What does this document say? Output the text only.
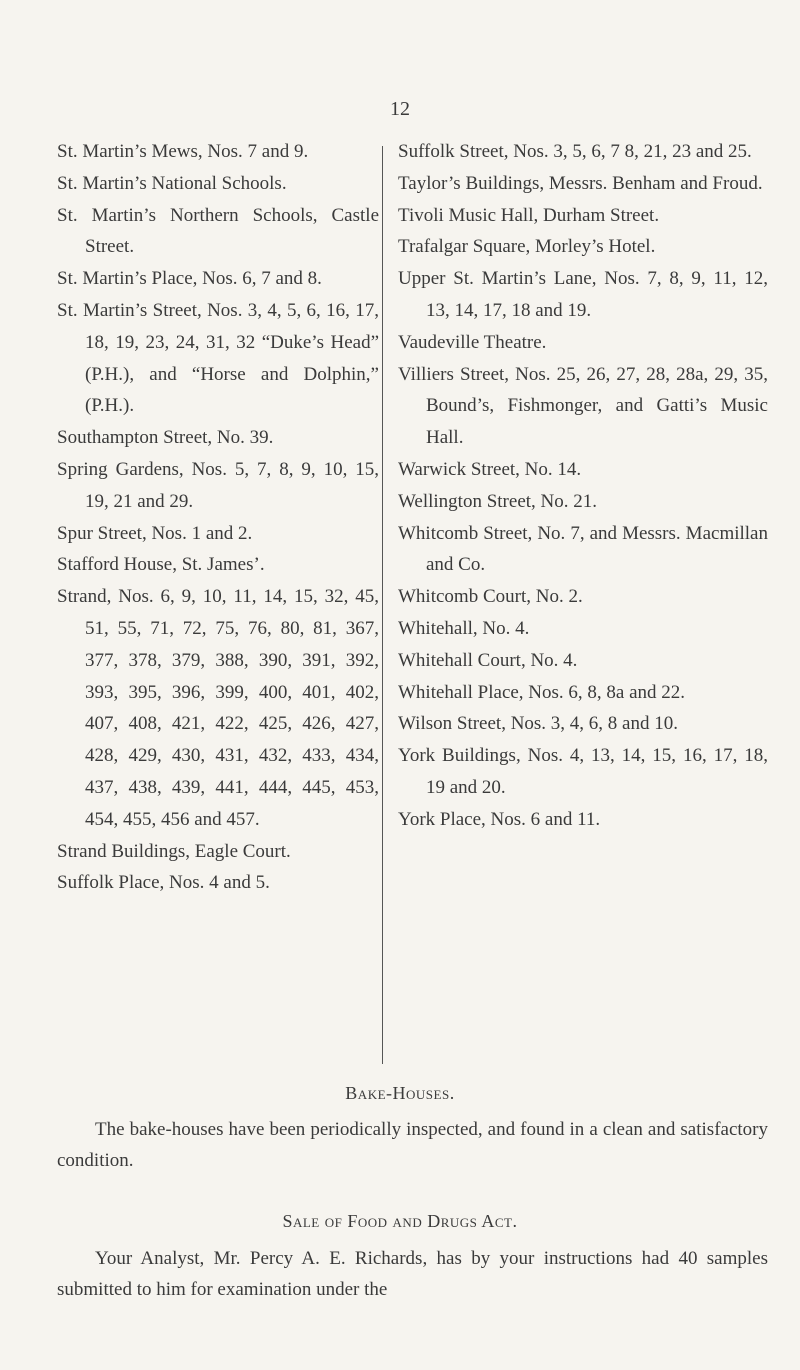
12

St. Martin’s Mews, Nos. 7 and 9.

St. Martin’s National Schools.

St. Martin’s Northern Schools, Castle Street.

St. Martin’s Place, Nos. 6, 7 and 8.

St. Martin’s Street, Nos. 3, 4, 5, 6, 16, 17, 18, 19, 23, 24, 31, 32 “Duke’s Head” (P.H.), and “Horse and Dolphin,” (P.H.).

Southampton Street, No. 39.

Spring Gardens, Nos. 5, 7, 8, 9, 10, 15, 19, 21 and 29.

Spur Street, Nos. 1 and 2.

Stafford House, St. James’.

Strand, Nos. 6, 9, 10, 11, 14, 15, 32, 45, 51, 55, 71, 72, 75, 76, 80, 81, 367, 377, 378, 379, 388, 390, 391, 392, 393, 395, 396, 399, 400, 401, 402, 407, 408, 421, 422, 425, 426, 427, 428, 429, 430, 431, 432, 433, 434, 437, 438, 439, 441, 444, 445, 453, 454, 455, 456 and 457.

Strand Buildings, Eagle Court.

Suffolk Place, Nos. 4 and 5.

Suffolk Street, Nos. 3, 5, 6, 7 8, 21, 23 and 25.

Taylor’s Buildings, Messrs. Benham and Froud.

Tivoli Music Hall, Durham Street.

Trafalgar Square, Morley’s Hotel.

Upper St. Martin’s Lane, Nos. 7, 8, 9, 11, 12, 13, 14, 17, 18 and 19.

Vaudeville Theatre.

Villiers Street, Nos. 25, 26, 27, 28, 28a, 29, 35, Bound’s, Fishmonger, and Gatti’s Music Hall.

Warwick Street, No. 14.

Wellington Street, No. 21.

Whitcomb Street, No. 7, and Messrs. Macmillan and Co.

Whitcomb Court, No. 2.

Whitehall, No. 4.

Whitehall Court, No. 4.

Whitehall Place, Nos. 6, 8, 8a and 22.

Wilson Street, Nos. 3, 4, 6, 8 and 10.

York Buildings, Nos. 4, 13, 14, 15, 16, 17, 18, 19 and 20.

York Place, Nos. 6 and 11.

Bake-Houses.

The bake-houses have been periodically inspected, and found in a clean and satisfactory condition.

Sale of Food and Drugs Act.

Your Analyst, Mr. Percy A. E. Richards, has by your instructions had 40 samples submitted to him for examination under the
